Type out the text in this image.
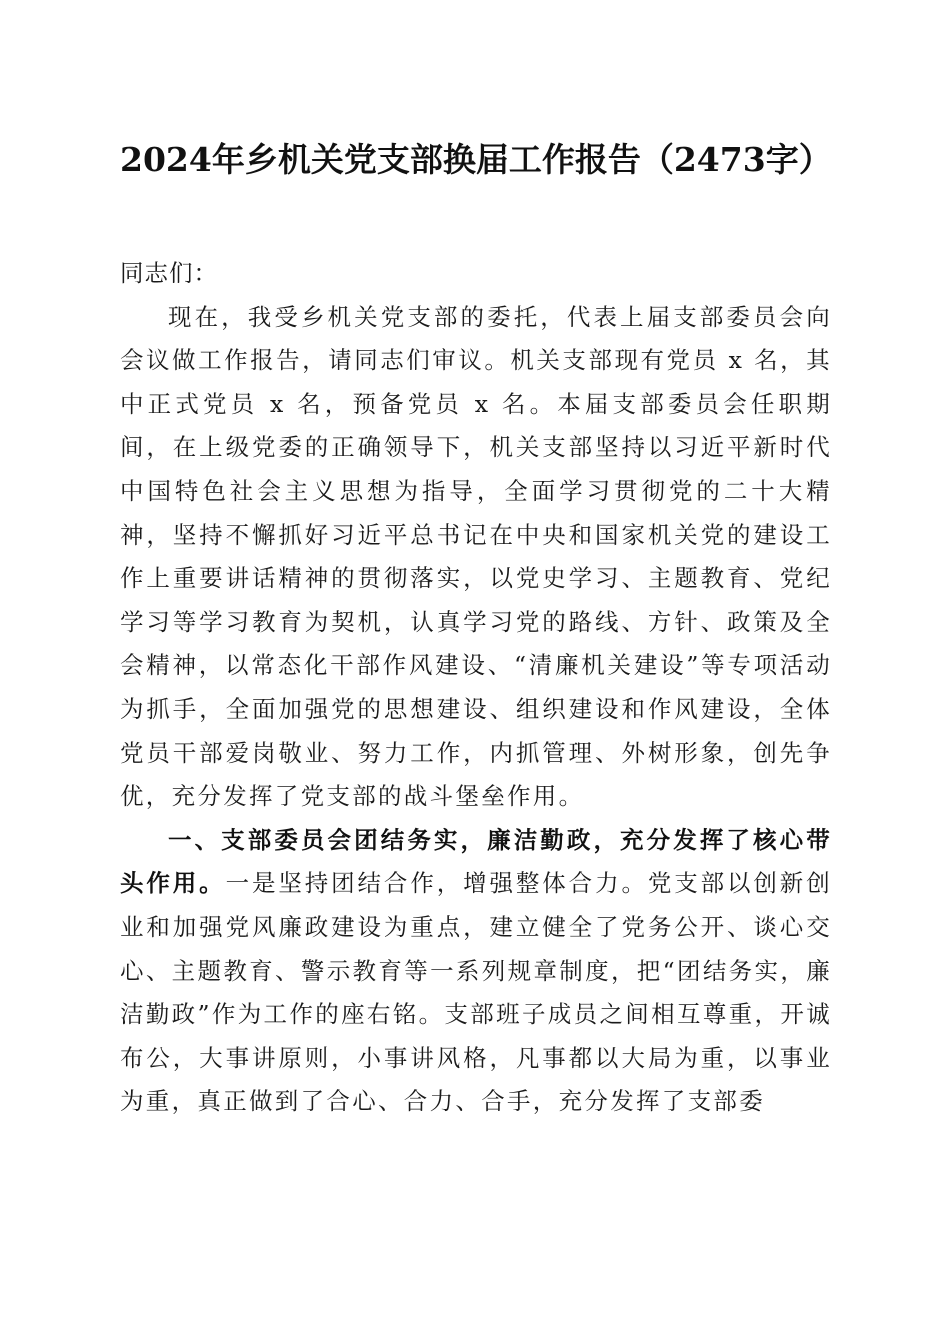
2024年乡机关党支部换届工作报告（2473字）

同志们：

现在，我受乡机关党支部的委托，代表上届支部委员会向会议做工作报告，请同志们审议。机关支部现有党员 x 名，其中正式党员 x 名，预备党员 x 名。本届支部委员会任职期间，在上级党委的正确领导下，机关支部坚持以习近平新时代中国特色社会主义思想为指导，全面学习贯彻党的二十大精神，坚持不懈抓好习近平总书记在中央和国家机关党的建设工作上重要讲话精神的贯彻落实，以党史学习、主题教育、党纪学习等学习教育为契机，认真学习党的路线、方针、政策及全会精神，以常态化干部作风建设、“清廉机关建设”等专项活动为抓手，全面加强党的思想建设、组织建设和作风建设，全体党员干部爱岗敬业、努力工作，内抓管理、外树形象，创先争优，充分发挥了党支部的战斗堡垒作用。

一、支部委员会团结务实，廉洁勤政，充分发挥了核心带头作用。一是坚持团结合作，增强整体合力。党支部以创新创业和加强党风廉政建设为重点，建立健全了党务公开、谈心交心、主题教育、警示教育等一系列规章制度，把“团结务实，廉洁勤政”作为工作的座右铭。支部班子成员之间相互尊重，开诚布公，大事讲原则，小事讲风格，凡事都以大局为重，以事业为重，真正做到了合心、合力、合手，充分发挥了支部委
